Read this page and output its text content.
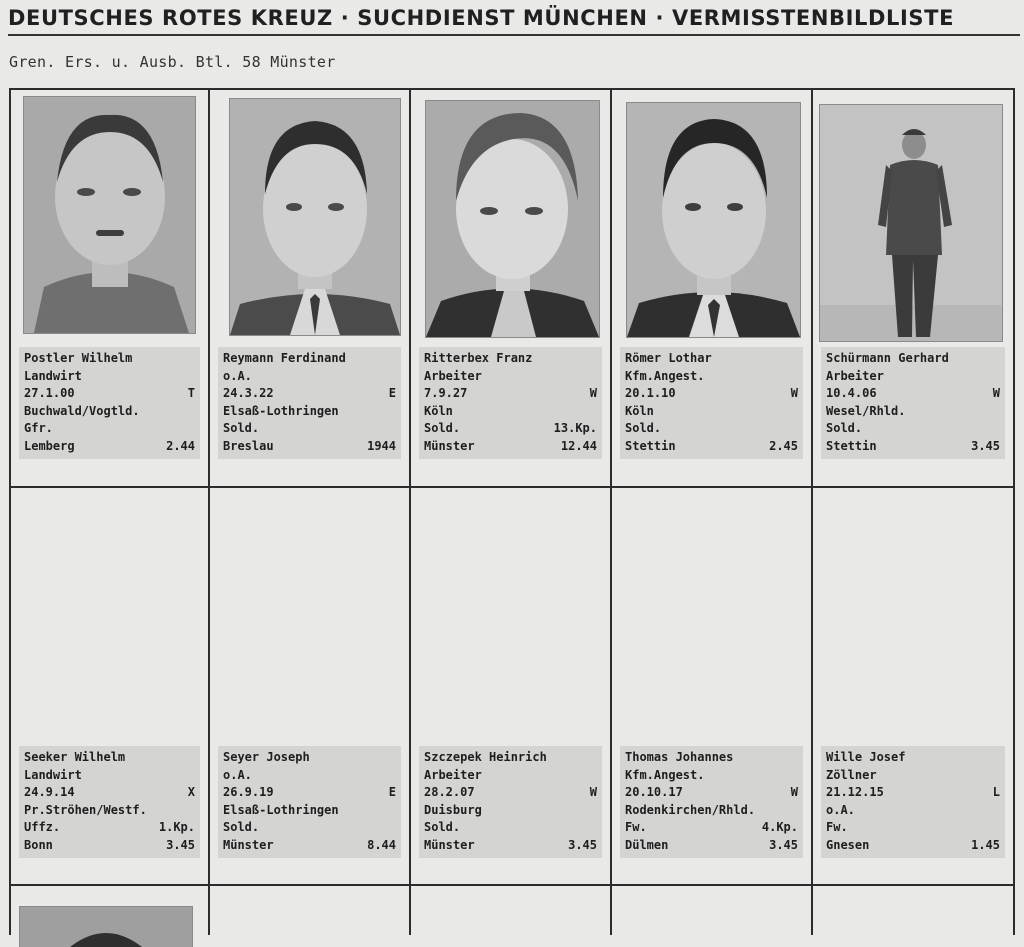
DEUTSCHES ROTES KREUZ · SUCHDIENST MÜNCHEN · VERMISSTENBILDLISTE

Gren. Ers. u. Ausb. Btl. 58 Münster

Postler Wilhelm
Landwirt
27.1.00	T
Buchwald/Vogtld.
Gfr.
Lemberg	2.44
Reymann Ferdinand
o.A.
24.3.22	E
Elsaß-Lothringen
Sold.
Breslau	1944
Ritterbex Franz
Arbeiter
7.9.27	W
Köln
Sold.	13.Kp.
Münster	12.44
Römer Lothar
Kfm.Angest.
20.1.10	W
Köln
Sold.
Stettin	2.45
Schürmann Gerhard
Arbeiter
10.4.06	W
Wesel/Rhld.
Sold.
Stettin	3.45
Seeker Wilhelm
Landwirt
24.9.14	X
Pr.Ströhen/Westf.
Uffz.	1.Kp.
Bonn	3.45
Seyer Joseph
o.A.
26.9.19	E
Elsaß-Lothringen
Sold.
Münster	8.44
Szczepek Heinrich
Arbeiter
28.2.07	W
Duisburg
Sold.
Münster	3.45
Thomas Johannes
Kfm.Angest.
20.10.17	W
Rodenkirchen/Rhld.
Fw.	4.Kp.
Dülmen	3.45
Wille Josef
Zöllner
21.12.15	L
o.A.
Fw.
Gnesen	1.45
